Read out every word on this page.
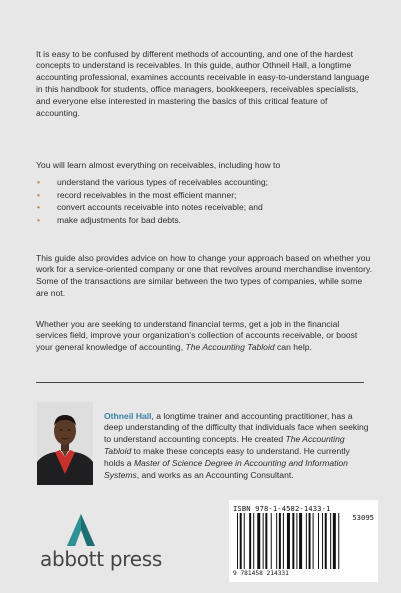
It is easy to be confused by different methods of accounting, and one of the hardest concepts to understand is receivables. In this guide, author Othneil Hall, a longtime accounting professional, examines accounts receivable in easy-to-understand language in this handbook for students, office managers, bookkeepers, receivables specialists, and everyone else interested in mastering the basics of this critical feature of accounting.

You will learn almost everything on receivables, including how to

• understand the various types of receivables accounting;
• record receivables in the most efficient manner;
• convert accounts receivable into notes receivable; and
• make adjustments for bad debts.

This guide also provides advice on how to change your approach based on whether you work for a service-oriented company or one that revolves around merchandise inventory. Some of the transactions are similar between the two types of companies, while some are not.

Whether you are seeking to understand financial terms, get a job in the financial services field, improve your organization’s collection of accounts receivable, or boost your general knowledge of accounting, The Accounting Tabloid can help.

Othneil Hall, a longtime trainer and accounting practitioner, has a deep understanding of the difficulty that individuals face when seeking to understand accounting concepts. He created The Accounting Tabloid to make these concepts easy to understand. He currently holds a Master of Science Degree in Accounting and Information Systems, and works as an Accounting Consultant.

abbott press
ISBN 978-1-4582-1433-1
53095
9 781458 214331
